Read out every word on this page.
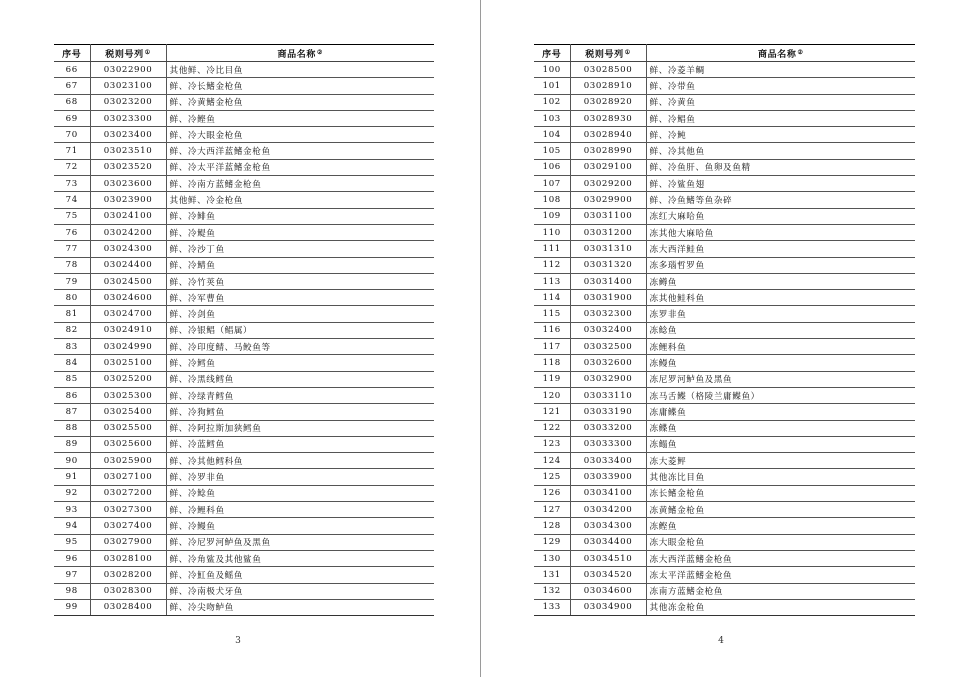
序号	税则号列①	商品名称②
66	03022900	其他鲜、冷比目鱼
67	03023100	鲜、冷长鳍金枪鱼
68	03023200	鲜、冷黄鳍金枪鱼
69	03023300	鲜、冷鲣鱼
70	03023400	鲜、冷大眼金枪鱼
71	03023510	鲜、冷大西洋蓝鳍金枪鱼
72	03023520	鲜、冷太平洋蓝鳍金枪鱼
73	03023600	鲜、冷南方蓝鳍金枪鱼
74	03023900	其他鲜、冷金枪鱼
75	03024100	鲜、冷鲱鱼
76	03024200	鲜、冷鳀鱼
77	03024300	鲜、冷沙丁鱼
78	03024400	鲜、冷鲭鱼
79	03024500	鲜、冷竹荚鱼
80	03024600	鲜、冷军曹鱼
81	03024700	鲜、冷剑鱼
82	03024910	鲜、冷银鲳（鲳属）
83	03024990	鲜、冷印度鲭、马鲛鱼等
84	03025100	鲜、冷鳕鱼
85	03025200	鲜、冷黑线鳕鱼
86	03025300	鲜、冷绿青鳕鱼
87	03025400	鲜、冷狗鳕鱼
88	03025500	鲜、冷阿拉斯加狭鳕鱼
89	03025600	鲜、冷蓝鳕鱼
90	03025900	鲜、冷其他鳕科鱼
91	03027100	鲜、冷罗非鱼
92	03027200	鲜、冷鲶鱼
93	03027300	鲜、冷鲤科鱼
94	03027400	鲜、冷鳗鱼
95	03027900	鲜、冷尼罗河鲈鱼及黑鱼
96	03028100	鲜、冷角鲨及其他鲨鱼
97	03028200	鲜、冷魟鱼及鳐鱼
98	03028300	鲜、冷南极犬牙鱼
99	03028400	鲜、冷尖吻鲈鱼
3
序号	税则号列①	商品名称②
100	03028500	鲜、冷菱羊鲷
101	03028910	鲜、冷带鱼
102	03028920	鲜、冷黄鱼
103	03028930	鲜、冷鲳鱼
104	03028940	鲜、冷鲀
105	03028990	鲜、冷其他鱼
106	03029100	鲜、冷鱼肝、鱼卵及鱼精
107	03029200	鲜、冷鲨鱼翅
108	03029900	鲜、冷鱼鳍等鱼杂碎
109	03031100	冻红大麻哈鱼
110	03031200	冻其他大麻哈鱼
111	03031310	冻大西洋鲑鱼
112	03031320	冻多瑙哲罗鱼
113	03031400	冻鳟鱼
114	03031900	冻其他鲑科鱼
115	03032300	冻罗非鱼
116	03032400	冻鲶鱼
117	03032500	冻鲤科鱼
118	03032600	冻鳗鱼
119	03032900	冻尼罗河鲈鱼及黑鱼
120	03033110	冻马舌鲽（格陵兰庸鲽鱼）
121	03033190	冻庸鲽鱼
122	03033200	冻鲽鱼
123	03033300	冻鳎鱼
124	03033400	冻大菱鲆
125	03033900	其他冻比目鱼
126	03034100	冻长鳍金枪鱼
127	03034200	冻黄鳍金枪鱼
128	03034300	冻鲣鱼
129	03034400	冻大眼金枪鱼
130	03034510	冻大西洋蓝鳍金枪鱼
131	03034520	冻太平洋蓝鳍金枪鱼
132	03034600	冻南方蓝鳍金枪鱼
133	03034900	其他冻金枪鱼
4
